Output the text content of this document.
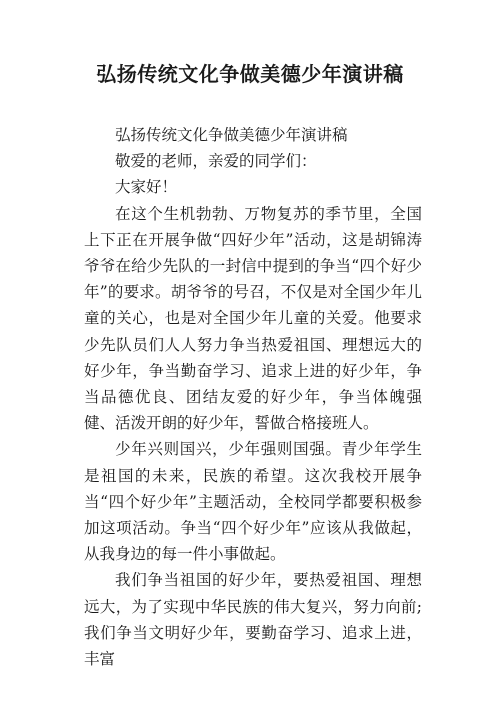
弘扬传统文化争做美德少年演讲稿

弘扬传统文化争做美德少年演讲稿

敬爱的老师，亲爱的同学们：

大家好！

在这个生机勃勃、万物复苏的季节里，全国上下正在开展争做“四好少年”活动，这是胡锦涛爷爷在给少先队的一封信中提到的争当“四个好少年”的要求。胡爷爷的号召，不仅是对全国少年儿童的关心，也是对全国少年儿童的关爱。他要求少先队员们人人努力争当热爱祖国、理想远大的好少年，争当勤奋学习、追求上进的好少年，争当品德优良、团结友爱的好少年，争当体魄强健、活泼开朗的好少年，誓做合格接班人。

少年兴则国兴，少年强则国强。青少年学生是祖国的未来，民族的希望。这次我校开展争当“四个好少年”主题活动，全校同学都要积极参加这项活动。争当“四个好少年”应该从我做起，从我身边的每一件小事做起。

我们争当祖国的好少年，要热爱祖国、理想远大，为了实现中华民族的伟大复兴，努力向前;我们争当文明好少年，要勤奋学习、追求上进，丰富
